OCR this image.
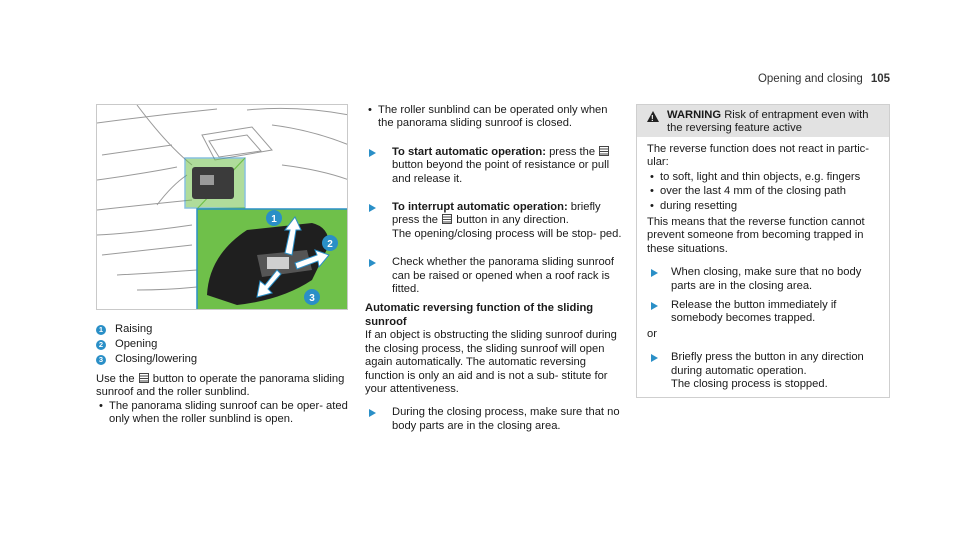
Opening and closing 105
1
2
3
1 Raising
2 Opening
3 Closing/lowering

Use the button to operate the panorama sliding sunroof and the roller sunblind.

• The panorama sliding sunroof can be oper- ated only when the roller sunblind is open.

• The roller sunblind can be operated only when the panorama sliding sunroof is closed.

To start automatic operation: press the  button beyond the point of resistance or pull and release it.
To interrupt automatic operation: briefly press the button in any direction.
The opening/closing process will be stop- ped.
Check whether the panorama sliding sunroof can be raised or opened when a roof rack is fitted.

Automatic reversing function of the sliding sunroof

If an object is obstructing the sliding sunroof during the closing process, the sliding sunroof will open again automatically. The automatic reversing function is only an aid and is not a sub- stitute for your attentiveness.

During the closing process, make sure that no body parts are in the closing area.
!
WARNING Risk of entrapment even with the reversing feature active

The reverse function does not react in partic- ular:

• to soft, light and thin objects, e.g. fingers

• over the last 4 mm of the closing path

• during resetting

This means that the reverse function cannot prevent someone from becoming trapped in these situations.

When closing, make sure that no body parts are in the closing area.
Release the button immediately if somebody becomes trapped.

or

Briefly press the button in any direction during automatic operation.
The closing process is stopped.
